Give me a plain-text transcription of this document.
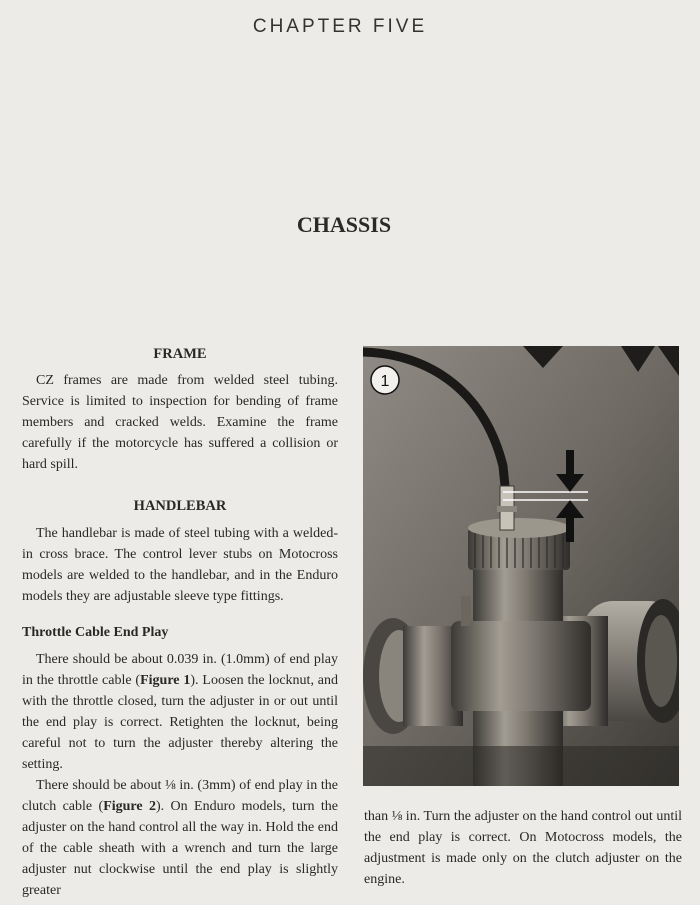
CHAPTER FIVE
CHASSIS
FRAME

CZ frames are made from welded steel tubing. Service is limited to inspection for bending of frame members and cracked welds. Examine the frame carefully if the motorcycle has suffered a collision or hard spill.

HANDLEBAR

The handlebar is made of steel tubing with a welded-in cross brace. The control lever stubs on Motocross models are welded to the handlebar, and in the Enduro models they are adjustable sleeve type fittings.

Throttle Cable End Play

There should be about 0.039 in. (1.0mm) of end play in the throttle cable (Figure 1). Loosen the locknut, and with the throttle closed, turn the adjuster in or out until the end play is correct. Retighten the locknut, being careful not to turn the adjuster thereby altering the setting.

There should be about ⅛ in. (3mm) of end play in the clutch cable (Figure 2). On Enduro models, turn the adjuster on the hand control all the way in. Hold the end of the cable sheath with a wrench and turn the large adjuster nut clockwise until the end play is slightly greater

1

than ⅛ in. Turn the adjuster on the hand control out until the end play is correct. On Motocross models, the adjustment is made only on the clutch adjuster on the engine.
